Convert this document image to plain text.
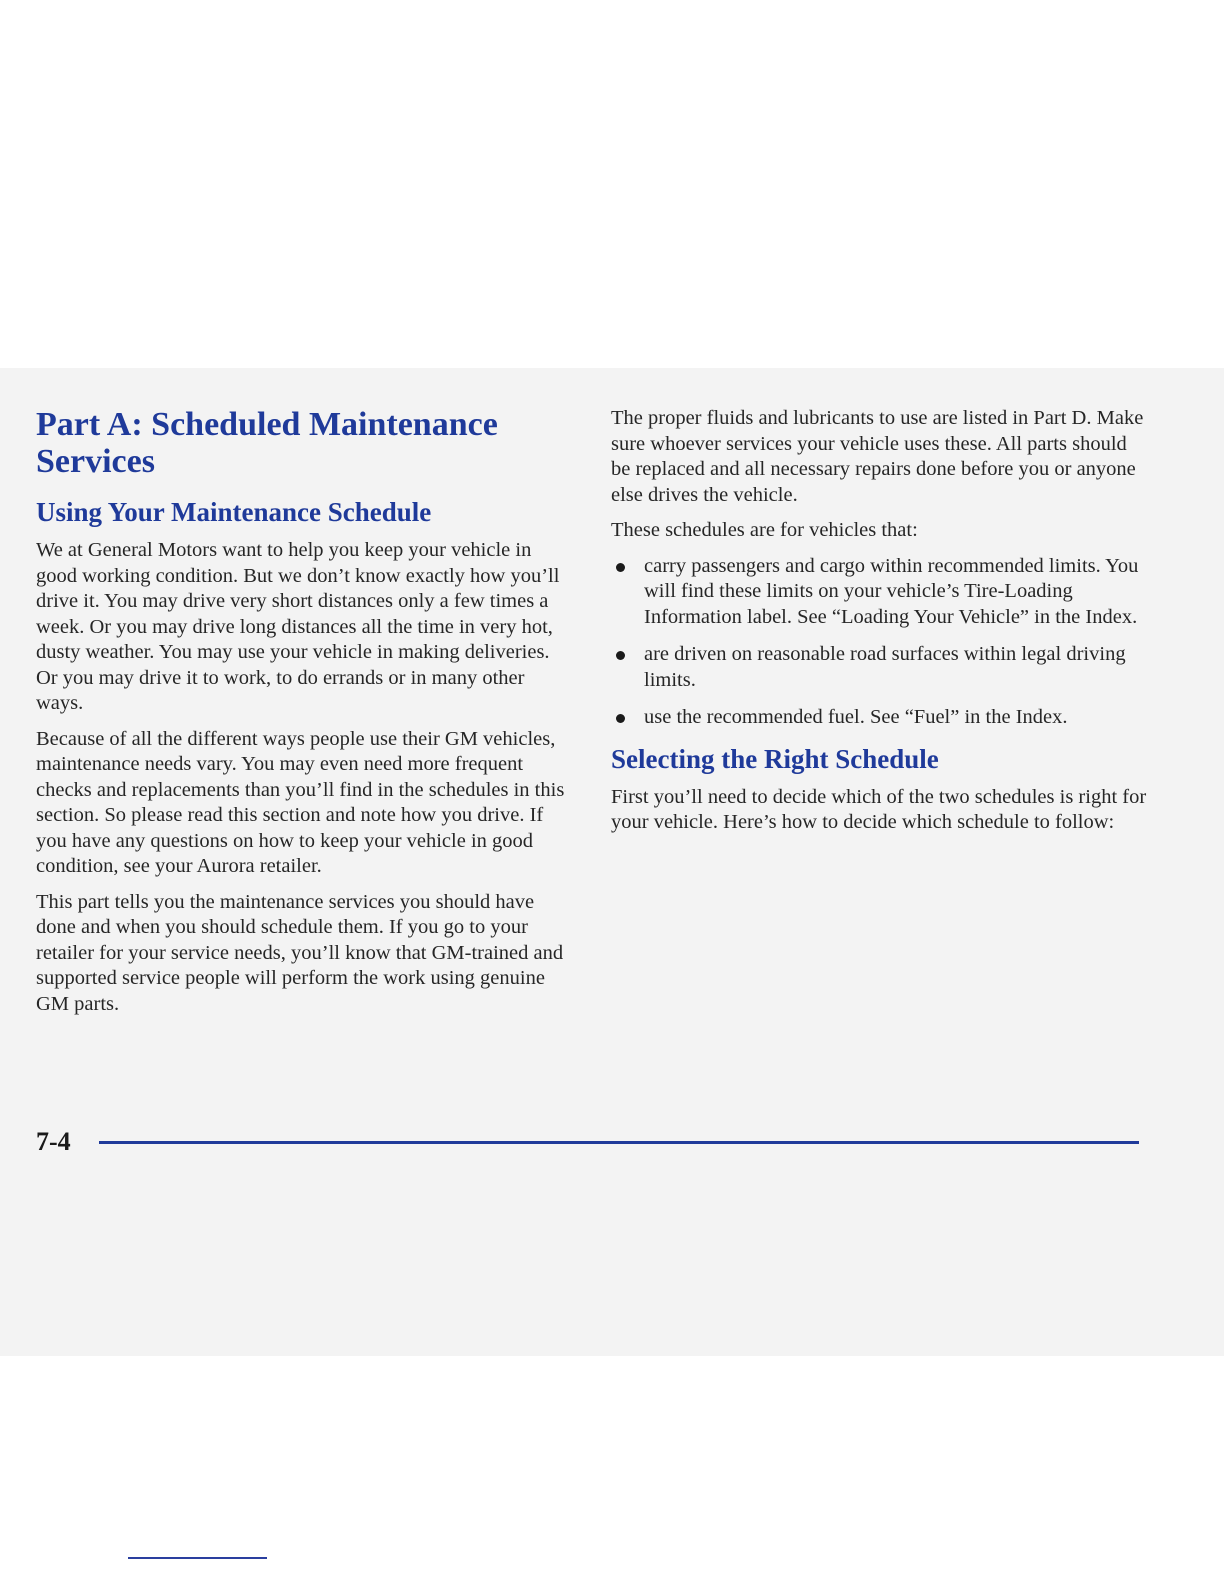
Part A: Scheduled Maintenance Services
Using Your Maintenance Schedule

We at General Motors want to help you keep your vehicle in good working condition. But we don’t know exactly how you’ll drive it. You may drive very short distances only a few times a week. Or you may drive long distances all the time in very hot, dusty weather. You may use your vehicle in making deliveries. Or you may drive it to work, to do errands or in many other ways.

Because of all the different ways people use their GM vehicles, maintenance needs vary. You may even need more frequent checks and replacements than you’ll find in the schedules in this section. So please read this section and note how you drive. If you have any questions on how to keep your vehicle in good condition, see your Aurora retailer.

This part tells you the maintenance services you should have done and when you should schedule them. If you go to your retailer for your service needs, you’ll know that GM-trained and supported service people will perform the work using genuine GM parts.

The proper fluids and lubricants to use are listed in Part D. Make sure whoever services your vehicle uses these. All parts should be replaced and all necessary repairs done before you or anyone else drives the vehicle.

These schedules are for vehicles that:

carry passengers and cargo within recommended limits. You will find these limits on your vehicle’s Tire-Loading Information label. See “Loading Your Vehicle” in the Index.
are driven on reasonable road surfaces within legal driving limits.
use the recommended fuel. See “Fuel” in the Index.
Selecting the Right Schedule

First you’ll need to decide which of the two schedules is right for your vehicle. Here’s how to decide which schedule to follow:

7-4
